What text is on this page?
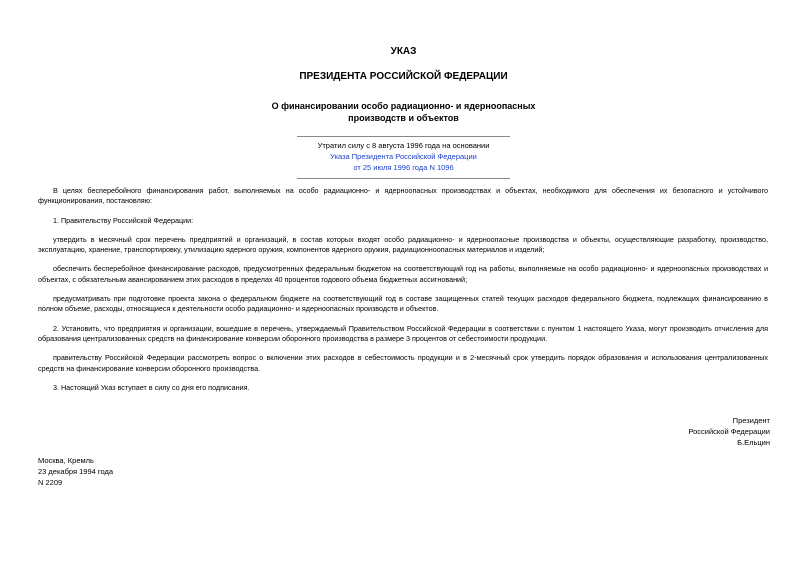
УКАЗ
ПРЕЗИДЕНТА РОССИЙСКОЙ ФЕДЕРАЦИИ
О финансировании особо радиационно- и ядерноопасных
производств и объектов
Утратил силу с 8 августа 1996 года на основании
Указа Президента Российской Федерации
от 25 июля 1996 года N 1096

В целях бесперебойного финансирования работ, выполняемых на особо радиационно- и ядерноопасных производствах и объектах, необходимого для обеспечения их безопасного и устойчивого функционирования, постановляю:

1. Правительству Российской Федерации:

утвердить в месячный срок перечень предприятий и организаций, в состав которых входят особо радиационно- и ядерноопасные производства и объекты, осуществляющие разработку, производство, эксплуатацию, хранение, транспортировку, утилизацию ядерного оружия, компонентов ядерного оружия, радиационноопасных материалов и изделий;

обеспечить бесперебойное финансирование расходов, предусмотренных федеральным бюджетом на соответствующий год на работы, выполняемые на особо радиационно- и ядерноопасных производствах и объектах, с обязательным авансированием этих расходов в пределах 40 процентов годового объема бюджетных ассигнований;

предусматривать при подготовке проекта закона о федеральном бюджете на соответствующий год в составе защищенных статей текущих расходов федерального бюджета, подлежащих финансированию в полном объеме, расходы, относящиеся к деятельности особо радиационно- и ядерноопасных производств и объектов.

2. Установить, что предприятия и организации, вошедшие в перечень, утверждаемый Правительством Российской Федерации в соответствии с пунктом 1 настоящего Указа, могут производить отчисления для образования централизованных средств на финансирование конверсии оборонного производства в размере 3 процентов от себестоимости продукции.

правительству Российской Федерации рассмотреть вопрос о включении этих расходов в себестоимость продукции и в 2-месячный срок утвердить порядок образования и использования централизованных средств на финансирование конверсии оборонного производства.

3. Настоящий Указ вступает в силу со дня его подписания.

Президент
Российской Федерации
Б.Ельцин
Москва, Кремль
23 декабря 1994 года
N 2209
